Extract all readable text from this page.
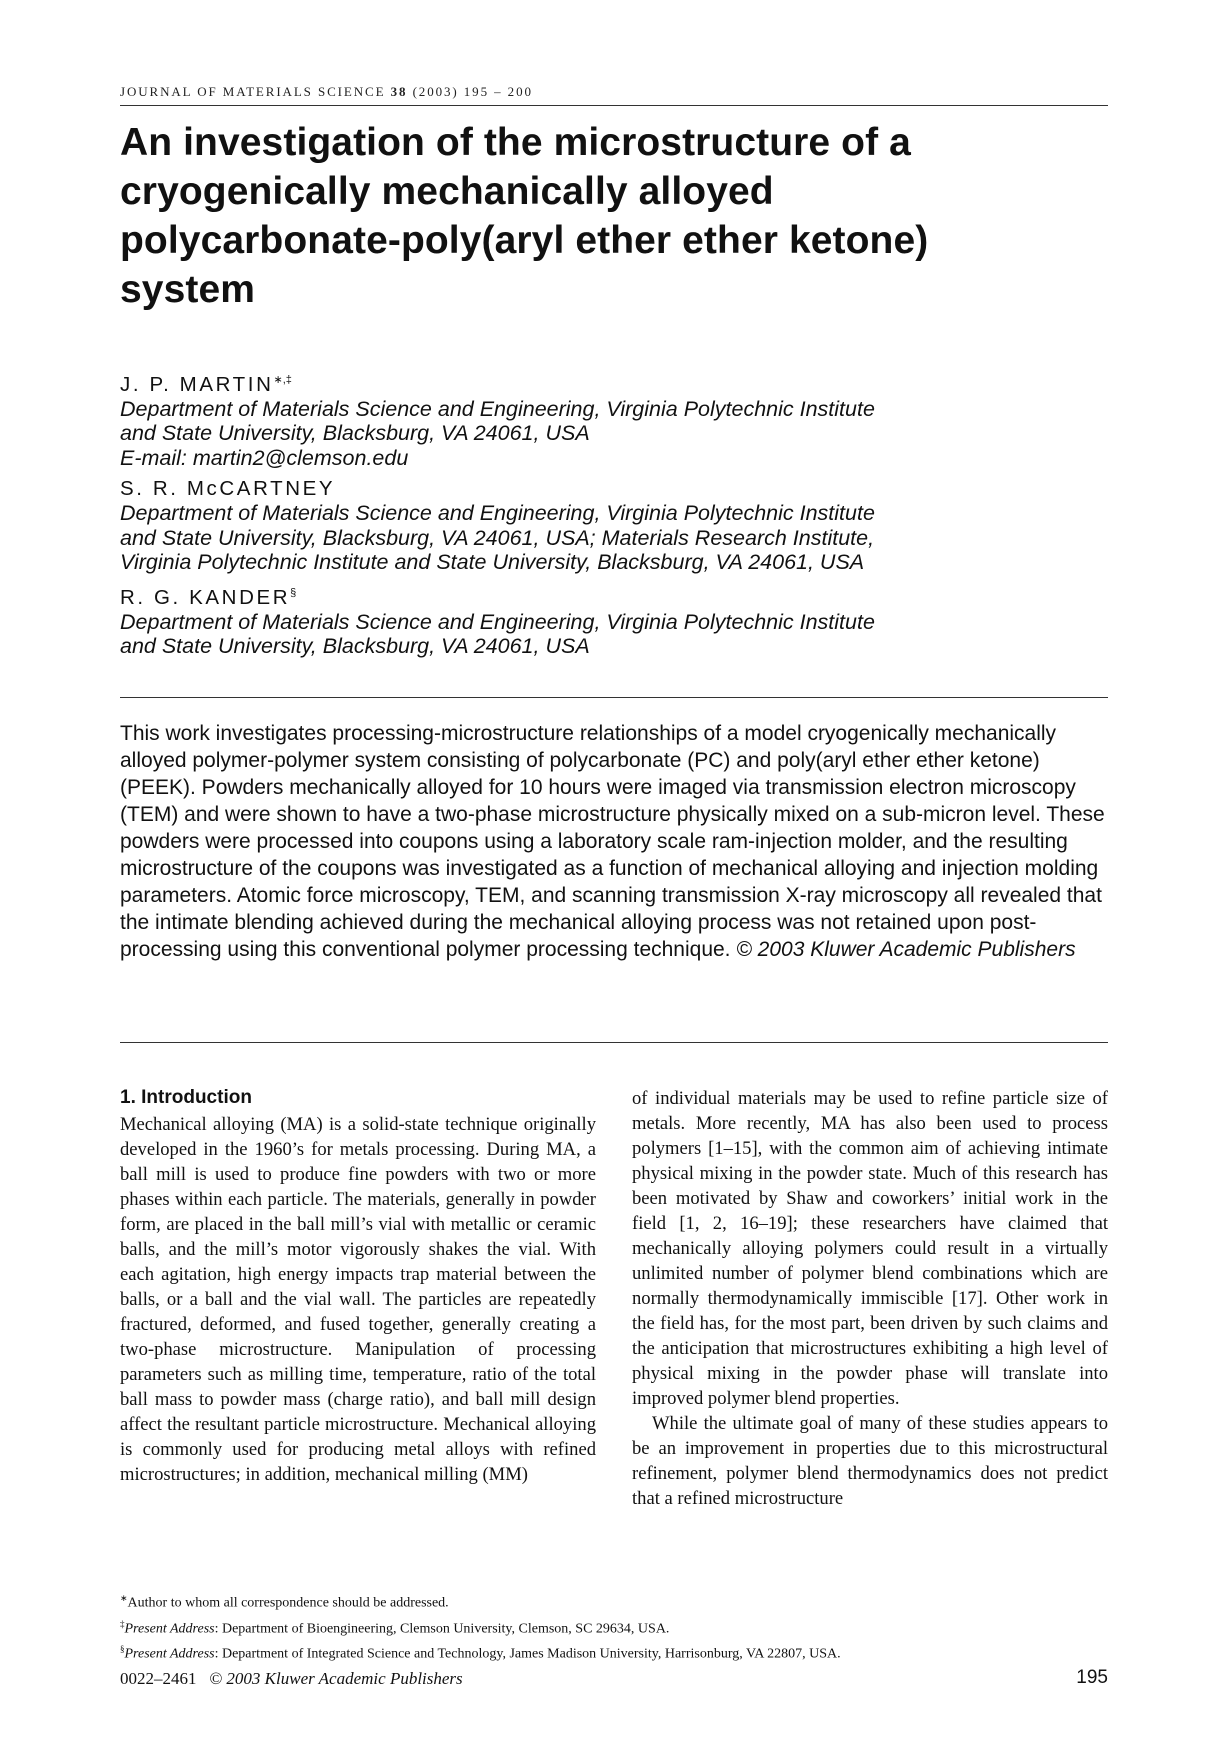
JOURNAL OF MATERIALS SCIENCE 38 (2003) 195 – 200
An investigation of the microstructure of a cryogenically mechanically alloyed polycarbonate-poly(aryl ether ether ketone) system
J. P. MARTIN∗,‡
Department of Materials Science and Engineering, Virginia Polytechnic Institute
and State University, Blacksburg, VA 24061, USA
E-mail: martin2@clemson.edu
S. R. McCARTNEY
Department of Materials Science and Engineering, Virginia Polytechnic Institute
and State University, Blacksburg, VA 24061, USA; Materials Research Institute,
Virginia Polytechnic Institute and State University, Blacksburg, VA 24061, USA
R. G. KANDER§
Department of Materials Science and Engineering, Virginia Polytechnic Institute
and State University, Blacksburg, VA 24061, USA

This work investigates processing-microstructure relationships of a model cryogenically mechanically alloyed polymer-polymer system consisting of polycarbonate (PC) and poly(aryl ether ether ketone) (PEEK). Powders mechanically alloyed for 10 hours were imaged via transmission electron microscopy (TEM) and were shown to have a two-phase microstructure physically mixed on a sub-micron level. These powders were processed into coupons using a laboratory scale ram-injection molder, and the resulting microstructure of the coupons was investigated as a function of mechanical alloying and injection molding parameters. Atomic force microscopy, TEM, and scanning transmission X-ray microscopy all revealed that the intimate blending achieved during the mechanical alloying process was not retained upon post-processing using this conventional polymer processing technique. © 2003 Kluwer Academic Publishers

1. Introduction

Mechanical alloying (MA) is a solid-state technique originally developed in the 1960’s for metals processing. During MA, a ball mill is used to produce fine powders with two or more phases within each particle. The materials, generally in powder form, are placed in the ball mill’s vial with metallic or ceramic balls, and the mill’s motor vigorously shakes the vial. With each agitation, high energy impacts trap material between the balls, or a ball and the vial wall. The particles are repeatedly fractured, deformed, and fused together, generally creating a two-phase microstructure. Manipulation of processing parameters such as milling time, temperature, ratio of the total ball mass to powder mass (charge ratio), and ball mill design affect the resultant particle microstructure. Mechanical alloying is commonly used for producing metal alloys with refined microstructures; in addition, mechanical milling (MM)

of individual materials may be used to refine particle size of metals. More recently, MA has also been used to process polymers [1–15], with the common aim of achieving intimate physical mixing in the powder state. Much of this research has been motivated by Shaw and coworkers’ initial work in the field [1, 2, 16–19]; these researchers have claimed that mechanically alloying polymers could result in a virtually unlimited number of polymer blend combinations which are normally thermodynamically immiscible [17]. Other work in the field has, for the most part, been driven by such claims and the anticipation that microstructures exhibiting a high level of physical mixing in the powder phase will translate into improved polymer blend properties.

While the ultimate goal of many of these studies appears to be an improvement in properties due to this microstructural refinement, polymer blend thermodynamics does not predict that a refined microstructure

∗Author to whom all correspondence should be addressed.
‡Present Address: Department of Bioengineering, Clemson University, Clemson, SC 29634, USA.
§Present Address: Department of Integrated Science and Technology, James Madison University, Harrisonburg, VA 22807, USA.
0022–2461 © 2003 Kluwer Academic Publishers	195
